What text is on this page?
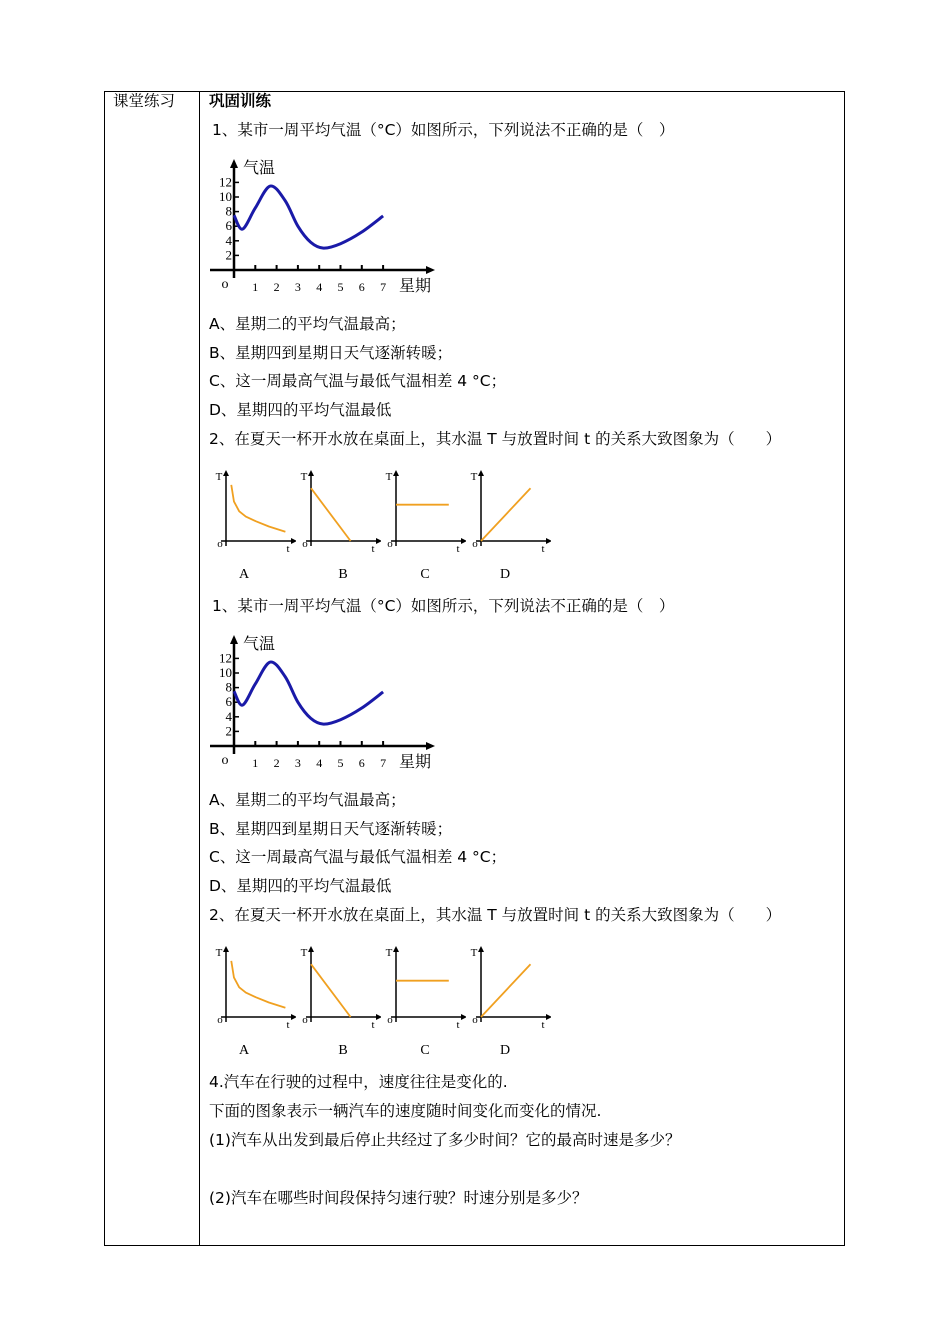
课堂练习 巩固训练
1、某市一周平均气温（°C）如图所示，下列说法不正确的是（　）
A、星期二的平均气温最高；
B、星期四到星期日天气逐渐转暖；
C、这一周最高气温与最低气温相差 4 °C；
D、星期四的平均气温最低
2、在夏天一杯开水放在桌面上，其水温 T 与放置时间 t 的关系大致图象为（　　）
1 2 3 4 5 6 7
2
4
6
8
10
12
o
气温
星期
T
t
o
A
T
t
o
B
T
t
o
C
T
t
o
D
1、某市一周平均气温（°C）如图所示，下列说法不正确的是（　）
A、星期二的平均气温最高；
B、星期四到星期日天气逐渐转暖；
C、这一周最高气温与最低气温相差 4 °C；
D、星期四的平均气温最低
2、在夏天一杯开水放在桌面上，其水温 T 与放置时间 t 的关系大致图象为（　　）
1 2 3 4 5 6 7
2
4
6
8
10
12
o
气温
星期
T
t
o
A
T
t
o
B
T
t
o
C
T
t
o
D
4.汽车在行驶的过程中，速度往往是变化的.
下面的图象表示一辆汽车的速度随时间变化而变化的情况.
(1)汽车从出发到最后停止共经过了多少时间？它的最高时速是多少？
(2)汽车在哪些时间段保持匀速行驶？时速分别是多少？
